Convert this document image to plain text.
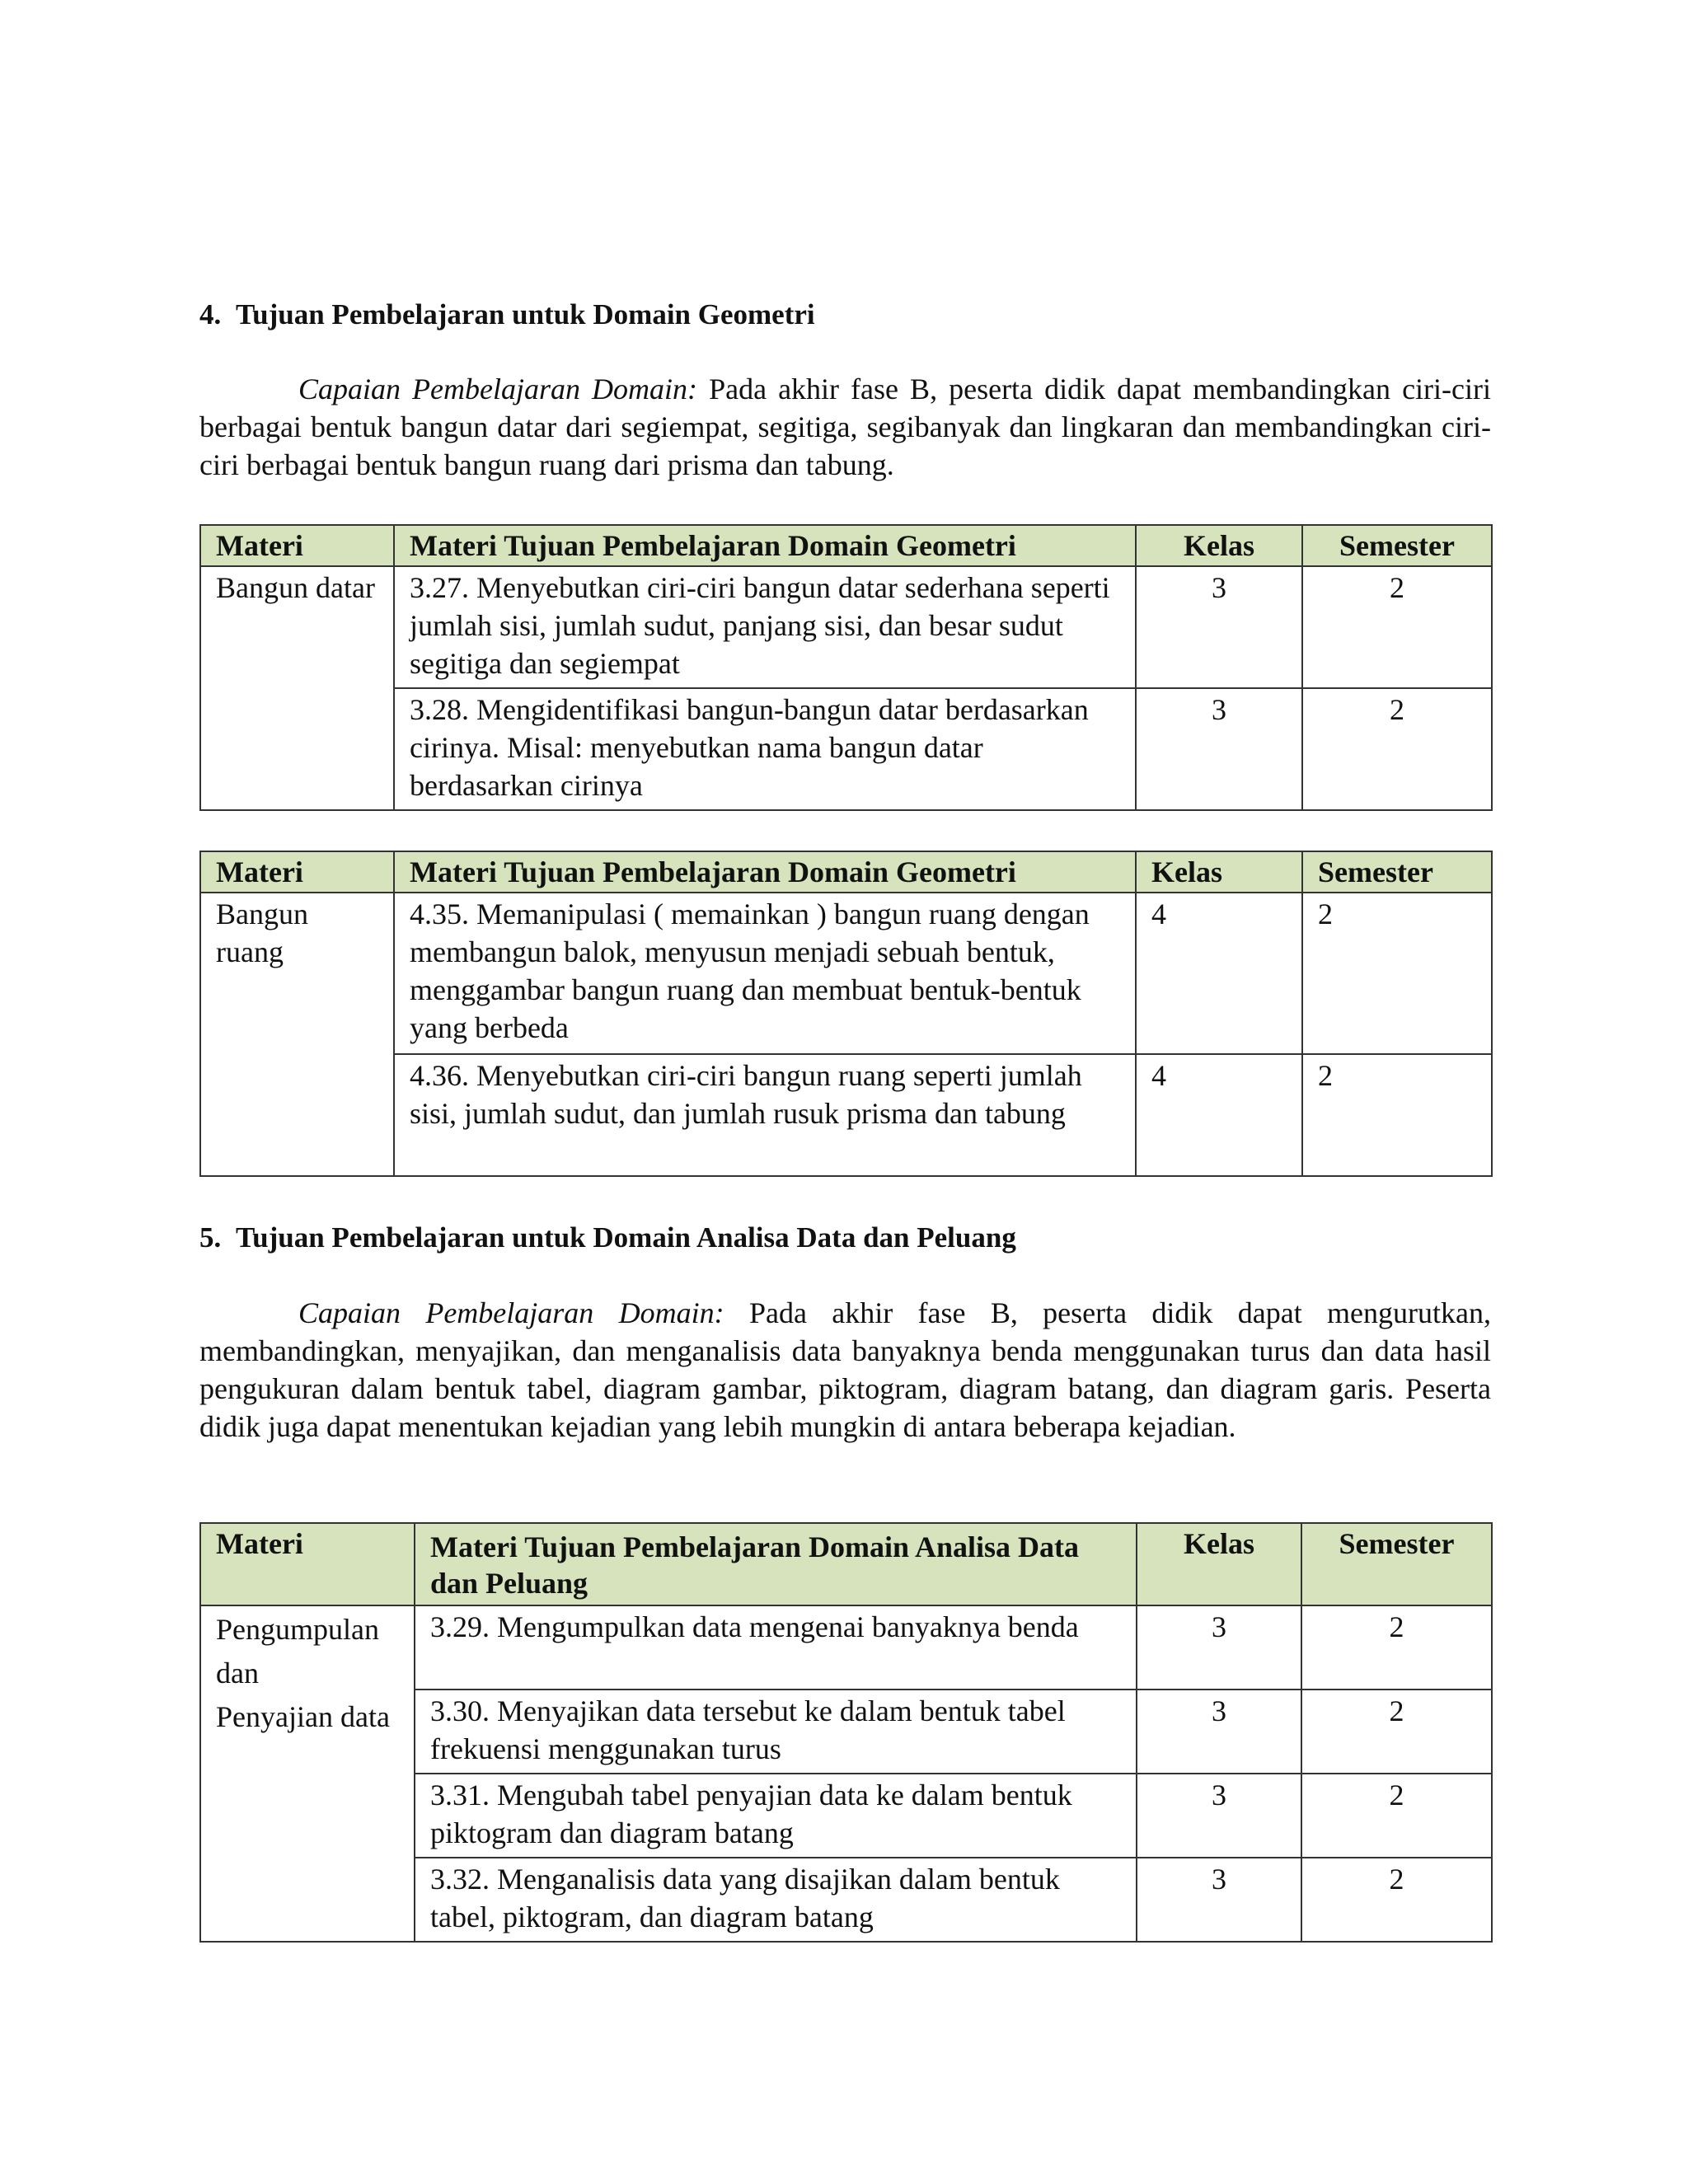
4. Tujuan Pembelajaran untuk Domain Geometri
Capaian Pembelajaran Domain: Pada akhir fase B, peserta didik dapat membandingkan ciri-ciri berbagai bentuk bangun datar dari segiempat, segitiga, segibanyak dan lingkaran dan membandingkan ciri-ciri berbagai bentuk bangun ruang dari prisma dan tabung.
Materi	Materi Tujuan Pembelajaran Domain Geometri	Kelas	Semester
Bangun datar	3.27. Menyebutkan ciri-ciri bangun datar sederhana seperti jumlah sisi, jumlah sudut, panjang sisi, dan besar sudut segitiga dan segiempat	3	2
	3.28. Mengidentifikasi bangun-bangun datar berdasarkan cirinya. Misal: menyebutkan nama bangun datar berdasarkan cirinya	3	2
Materi	Materi Tujuan Pembelajaran Domain Geometri	Kelas	Semester
Bangun ruang	4.35. Memanipulasi ( memainkan ) bangun ruang dengan membangun balok, menyusun menjadi sebuah bentuk, menggambar bangun ruang dan membuat bentuk-bentuk yang berbeda	4	2
	4.36. Menyebutkan ciri-ciri bangun ruang seperti jumlah sisi, jumlah sudut, dan jumlah rusuk prisma dan tabung	4	2
5. Tujuan Pembelajaran untuk Domain Analisa Data dan Peluang
Capaian Pembelajaran Domain: Pada akhir fase B, peserta didik dapat mengurutkan, membandingkan, menyajikan, dan menganalisis data banyaknya benda menggunakan turus dan data hasil pengukuran dalam bentuk tabel, diagram gambar, piktogram, diagram batang, dan diagram garis. Peserta didik juga dapat menentukan kejadian yang lebih mungkin di antara beberapa kejadian.
Materi	Materi Tujuan Pembelajaran Domain Analisa Data dan Peluang	Kelas	Semester

Pengumpulan dan
Penyajian data	3.29. Mengumpulkan data mengenai banyaknya benda	3	2
	3.30. Menyajikan data tersebut ke dalam bentuk tabel frekuensi menggunakan turus	3	2
	3.31. Mengubah tabel penyajian data ke dalam bentuk piktogram dan diagram batang	3	2
	3.32. Menganalisis data yang disajikan dalam bentuk tabel, piktogram, dan diagram batang	3	2
